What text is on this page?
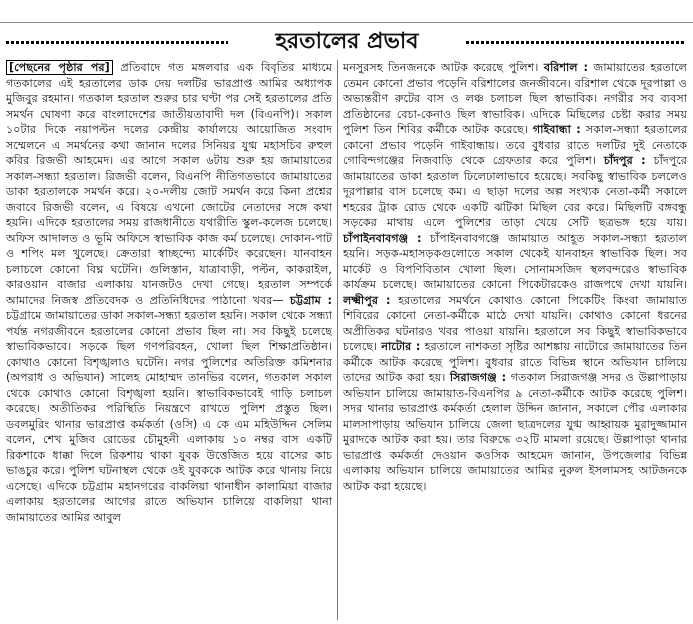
হরতালের প্রভাব

[পেছনের পৃষ্ঠার পর] প্রতিবাদে গত মঙ্গলবার এক বিবৃতির মাধ্যমে গতকালের এই হরতালের ডাক দেয় দলটির ভারপ্রাপ্ত আমির অধ্যাপক মুজিবুর রহমান। গতকাল হরতাল শুরুর চার ঘণ্টা পর সেই হরতালের প্রতি সমর্থন ঘোষণা করে বাংলাদেশের জাতীয়তাবাদী দল (বিএনপি)। সকাল ১০টার দিকে নয়াপল্টন দলের কেন্দ্রীয় কার্যালয়ে আয়োজিত সংবাদ সম্মেলনে এ সমর্থনের কথা জানান দলের সিনিয়র যুগ্ম মহাসচিব রুহুল কবির রিজভী আহমেদ। এর আগে সকাল ৬টায় শুরু হয় জামায়াতের সকাল-সন্ধ্যা হরতাল। রিজভী বলেন, বিএনপি নীতিগতভাবে জামায়াতের ডাকা হরতালকে সমর্থন করে। ২০-দলীয় জোট সমর্থন করে কিনা প্রশ্নের জবাবে রিজভী বলেন, এ বিষয়ে এখনো জোটের নেতাদের সঙ্গে কথা হয়নি। এদিকে হরতালের সময় রাজধানীতে যথারীতি স্কুল-কলেজ চলেছে। অফিস আদালত ও ভূমি অফিসে স্বাভাবিক কাজ কর্ম চলেছে। দোকান-পাট ও শপিং মল খুলেছে। ক্রেতারা স্বাচ্ছন্দ্যে মার্কেটিং করেছেন। যানবাহন চলাচলে কোনো বিঘ্ন ঘটেনি। গুলিস্তান, যাত্রাবাড়ী, পল্টন, কাকরাইল, কারওয়ান বাজার এলাকায় যানজটও দেখা গেছে। হরতাল সম্পর্কে আমাদের নিজস্ব প্রতিবেদক ও প্রতিনিধিদের পাঠানো খবর— চট্টগ্রাম : চট্টগ্রামে জামায়াতের ডাকা সকাল-সন্ধ্যা হরতাল হয়নি। সকাল থেকে সন্ধ্যা পর্যন্ত নগরজীবনে হরতালের কোনো প্রভাব ছিল না। সব কিছুই চলেছে স্বাভাবিকভাবে। সড়কে ছিল গণপরিবহন, খোলা ছিল শিক্ষাপ্রতিষ্ঠান। কোথাও কোনো বিশৃঙ্খলাও ঘটেনি। নগর পুলিশের অতিরিক্ত কমিশনার (অপরাধ ও অভিযান) সালেহ মোহাম্মদ তানভির বলেন, গতকাল সকাল থেকে কোথাও কোনো বিশৃঙ্খলা হয়নি। স্বাভাবিকভাবেই গাড়ি চলাচল করেছে। অতীতিকর পরিস্থিতি নিয়ন্ত্রণে রাখতে পুলিশ প্রস্তুত ছিল। ডবলমুরিং থানার ভারপ্রাপ্ত কর্মকর্তা (ওসি) এ কে এম মহিউদ্দিন সেলিম বলেন, শেখ মুজিব রোডের চৌমুহনী এলাকায় ১০ নম্বর বাস একটি রিকশাকে ধাক্কা দিলে রিকশায় থাকা যুবক উত্তেজিত হয়ে বাসের কাচ ভাঙচুর করে। পুলিশ ঘটনাস্থল থেকে ওই যুবককে আটক করে থানায় নিয়ে এসেছে। এদিকে চট্টগ্রাম মহানগরের বাকলিয়া থানাধীন কালামিয়া বাজার এলাকায় হরতালের আগের রাতে অভিযান চালিয়ে বাকলিয়া থানা জামায়াতের আমির আবুল

মনসুরসহ তিনজনকে আটক করেছে পুলিশ। বরিশাল : জামায়াতের হরতালে তেমন কোনো প্রভাব পড়েনি বরিশালের জনজীবনে। বরিশাল থেকে দূরপাল্লা ও অভ্যন্তরীণ রুটের বাস ও লঞ্চ চলাচল ছিল স্বাভাবিক। নগরীর সব ব্যবসা প্রতিষ্ঠানের বেচা-কেনাও ছিল স্বাভাবিক। এদিকে মিছিলের চেষ্টা করার সময় পুলিশ তিন শিবির কর্মীকে আটক করেছে। গাইবান্ধা : সকাল-সন্ধ্যা হরতালের কোনো প্রভাব পড়েনি গাইবান্ধায়। তবে বুধবার রাতে দলটির দুই নেতাকে গোবিন্দগঞ্জের নিজবাড়ি থেকে গ্রেফতার করে পুলিশ। চাঁদপুর : চাঁদপুরে জামায়াতের ডাকা হরতাল ঢিলেঢালাভাবে হয়েছে। সবকিছু স্বাভাবিক চললেও দূরপাল্লার বাস চলেছে কম। এ ছাড়া দলের অল্প সংখ্যক নেতা-কর্মী সকালে শহরের ট্রাক রোড থেকে একটি ঝটিকা মিছিল বের করে। মিছিলটি বঙ্গবন্ধু সড়কের মাথায় এলে পুলিশের তাড়া খেয়ে সেটি ছত্রভঙ্গ হয়ে যায়। চাঁপাইনবাবগঞ্জ : চাঁপাইনবাবগঞ্জে জামায়াত আহূত সকাল-সন্ধ্যা হরতাল হয়নি। সড়ক-মহাসড়কগুলোতে সকাল থেকেই যানবাহন স্বাভাবিক ছিল। সব মার্কেট ও বিপণিবিতান খোলা ছিল। সোনামসজিদ স্থলবন্দরেও স্বাভাবিক কার্যক্রম চলেছে। জামায়াতের কোনো পিকেটারকেও রাজপথে দেখা যায়নি। লক্ষ্মীপুর : হরতালের সমর্থনে কোথাও কোনো পিকেটিং কিংবা জামায়াত শিবিরের কোনো নেতা-কর্মীকে মাঠে দেখা যায়নি। কোথাও কোনো ধরনের অপ্রীতিকর ঘটনারও খবর পাওয়া যায়নি। হরতালে সব কিছুই স্বাভাবিকভাবে চলেছে। নাটোর : হরতালে নাশকতা সৃষ্টির আশঙ্কায় নাটোরে জামায়াতের তিন কর্মীকে আটক করেছে পুলিশ। বুধবার রাতে বিভিন্ন স্থানে অভিযান চালিয়ে তাদের আটক করা হয়। সিরাজগঞ্জ : গতকাল সিরাজগঞ্জ সদর ও উল্লাপাড়ায় অভিযান চালিয়ে জামায়াত-বিএনপির ৯ নেতা-কর্মীকে আটক করেছে পুলিশ। সদর থানার ভারপ্রাপ্ত কর্মকর্তা হেলাল উদ্দিন জানান, সকালে পৌর এলাকার মালসাপাড়ায় অভিযান চালিয়ে জেলা ছাত্রদলের যুগ্ম আহ্বায়ক মুরাদুজ্জামান মুরাদকে আটক করা হয়। তার বিরুদ্ধে ৩২টি মামলা রয়েছে। উল্লাপাড়া থানার ভারপ্রাপ্ত কর্মকর্তা দেওয়ান কওসিক আহমেদ জানান, উপজেলার বিভিন্ন এলাকায় অভিযান চালিয়ে জামায়াতের আমির নুরুল ইসলামসহ আটজনকে আটক করা হয়েছে।
